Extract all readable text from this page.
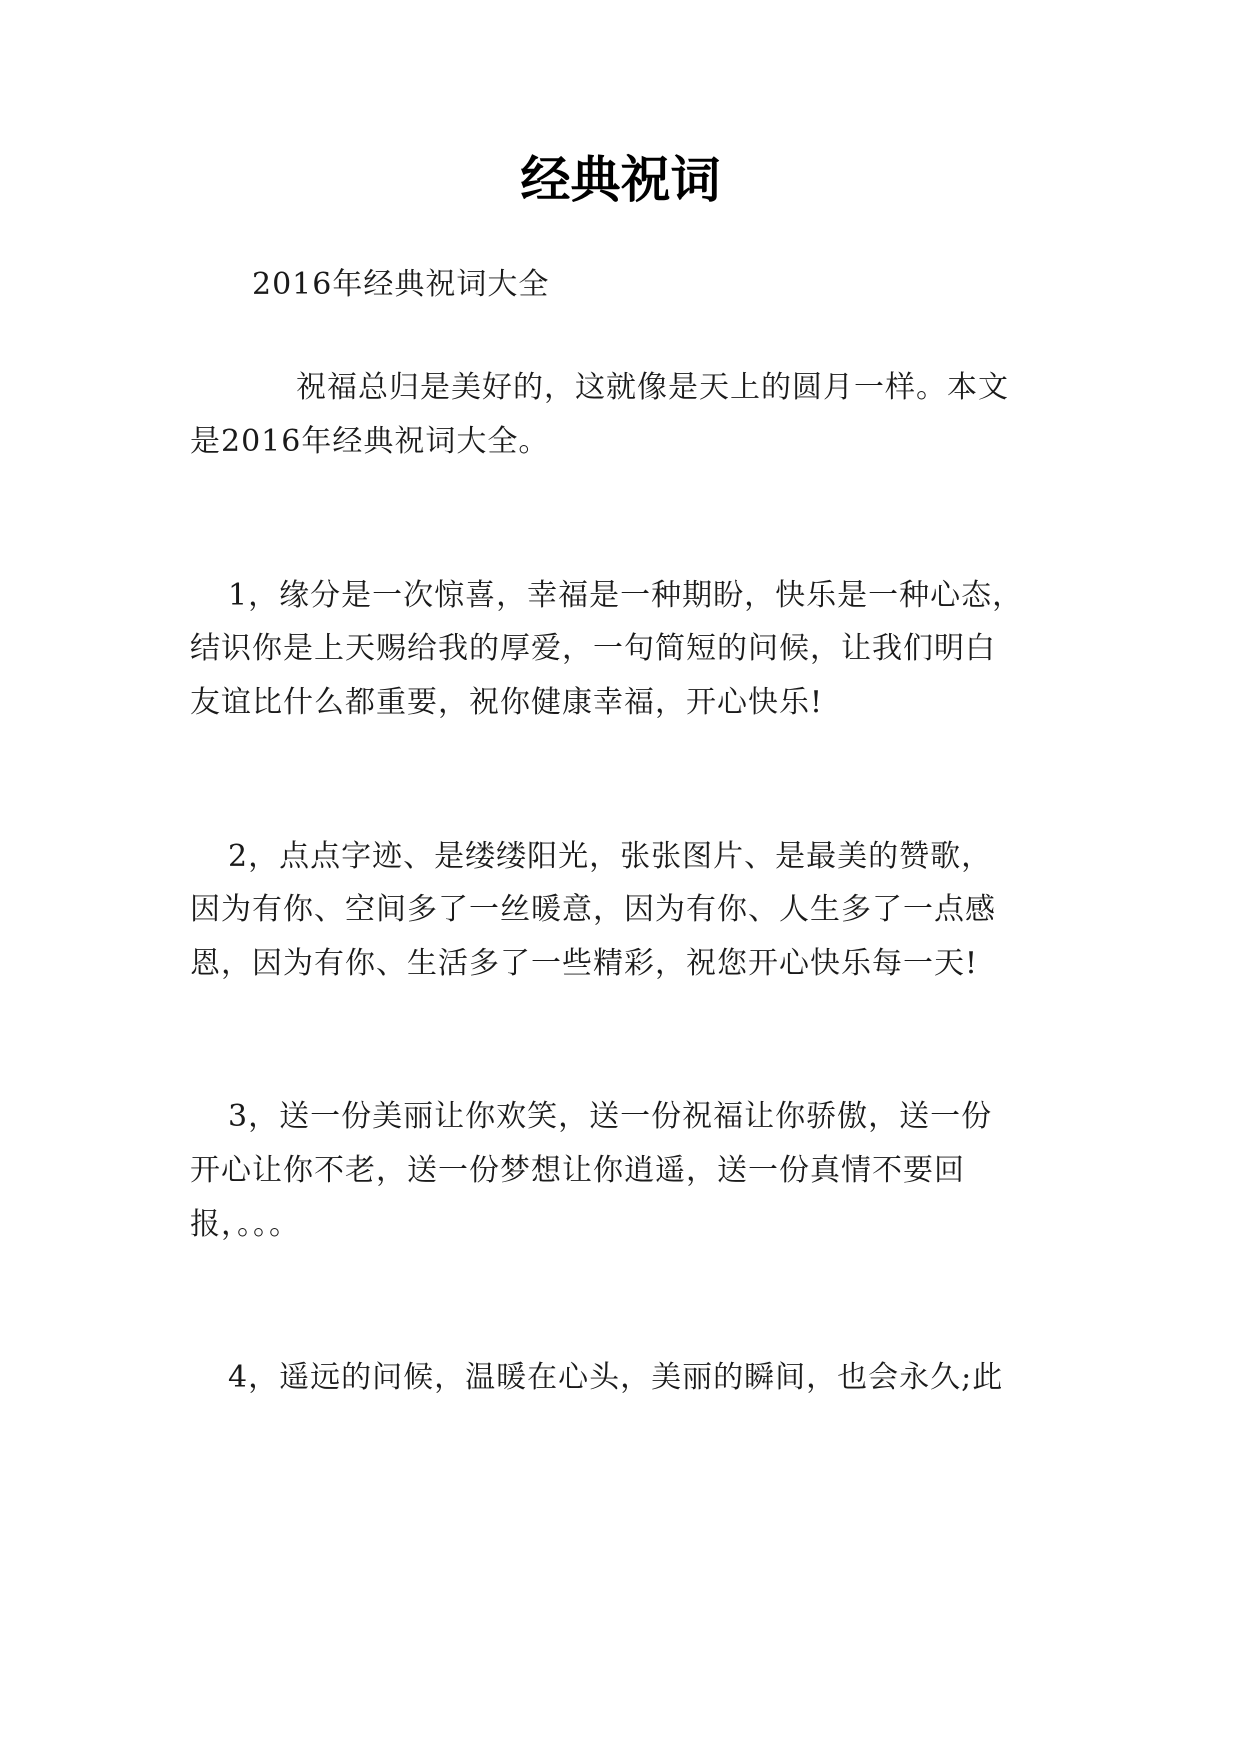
经典祝词
2016年经典祝词大全
祝福总归是美好的，这就像是天上的圆月一样。本文
是2016年经典祝词大全。
1，缘分是一次惊喜，幸福是一种期盼，快乐是一种心态，
结识你是上天赐给我的厚爱，一句简短的问候，让我们明白
友谊比什么都重要，祝你健康幸福，开心快乐!
2，点点字迹、是缕缕阳光，张张图片、是最美的赞歌，
因为有你、空间多了一丝暖意，因为有你、人生多了一点感
恩，因为有你、生活多了一些精彩，祝您开心快乐每一天!
3，送一份美丽让你欢笑，送一份祝福让你骄傲，送一份
开心让你不老，送一份梦想让你逍遥，送一份真情不要回
报，。。。
4，遥远的问候，温暖在心头，美丽的瞬间，也会永久;此
